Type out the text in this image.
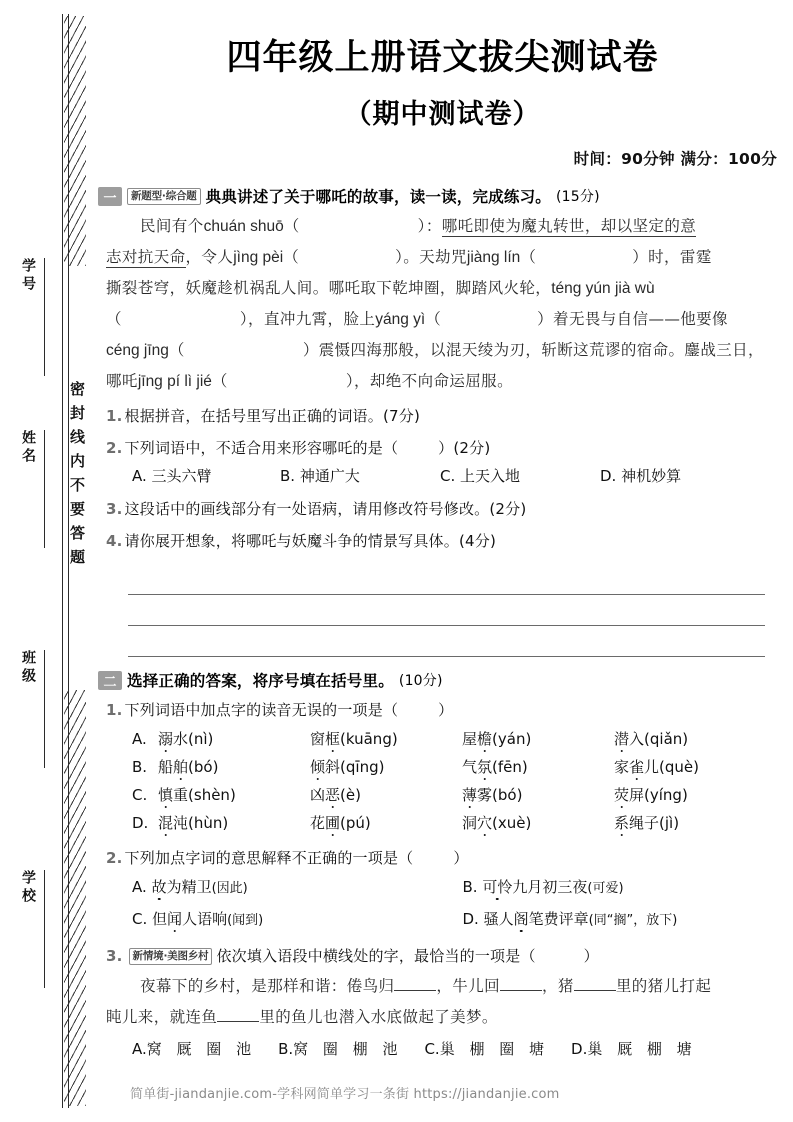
密封线内不要答题
学号
姓名
班级
学校
四年级上册语文拔尖测试卷
（期中测试卷）
时间：90分钟 满分：100分
一	新题型·综合题 典典讲述了关于哪吒的故事，读一读，完成练习。 (15分)
民间有个chuán shuō（	）：哪吒即使为魔丸转世，却以坚定的意
志对抗天命，令人jìng pèi（	）。天劫咒jiàng lín（	）时，雷霆
撕裂苍穹，妖魔趁机祸乱人间。哪吒取下乾坤圈，脚踏风火轮，téng yún jià wù
（	），直冲九霄，脸上yáng yì（	）着无畏与自信——他要像
céng jīng（	）震慑四海那般，以混天绫为刃，斩断这荒谬的宿命。鏖战三日，
哪吒jīng pí lì jié（	），却绝不向命运屈服。
1. 根据拼音，在括号里写出正确的词语。(7分)
2. 下列词语中，不适合用来形容哪吒的是（	）(2分)
A. 三头六臂	B. 神通广大	C. 上天入地	D. 神机妙算
3. 这段话中的画线部分有一处语病，请用修改符号修改。(2分)
4. 请你展开想象，将哪吒与妖魔斗争的情景写具体。(4分)
二 选择正确的答案，将序号填在括号里。 (10分)
1. 下列词语中加点字的读音无误的一项是（	）
A. 溺水(nì)	窗框(kuāng)	屋檐(yán)	潜入(qiǎn)
B. 船舶(bó)	倾斜(qīng)	气氛(fēn)	家雀儿(què)
C. 慎重(shèn)	凶恶(è)	薄雾(bó)	荧屏(yíng)
D. 混沌(hùn)	花圃(pú)	洞穴(xuè)	系绳子(jì)
2. 下列加点字词的意思解释不正确的一项是（	）
A. 故为精卫(因此)	B. 可怜九月初三夜(可爱)
C. 但闻人语响(闻到)	D. 骚人阁笔费评章(同“搁”，放下)
3. 新情境·美图乡村 依次填入语段中横线处的字，最恰当的一项是（	）
夜幕下的乡村，是那样和谐：倦鸟归	，牛儿回	，猪	里的猪儿打起
盹儿来，就连鱼	里的鱼儿也潜入水底做起了美梦。
A.窝 厩 圈 池 B.窝 圈 棚 池 C.巢 棚 圈 塘 D.巢 厩 棚 塘
简单街-jiandanjie.com-学科网简单学习一条街 https://jiandanjie.com
